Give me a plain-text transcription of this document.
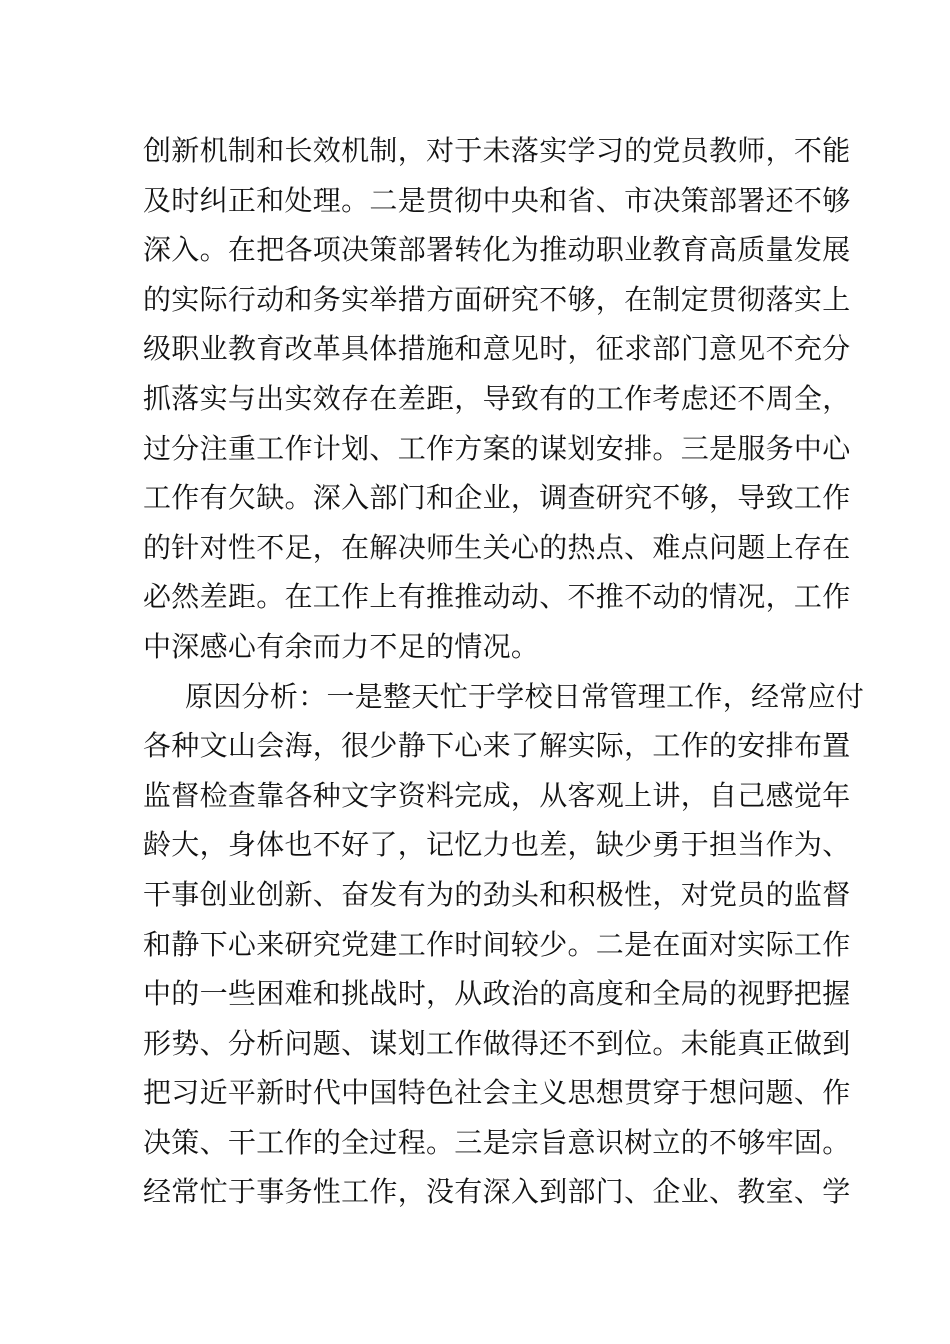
创新机制和长效机制，对于未落实学习的党员教师，不能
及时纠正和处理。二是贯彻中央和省、市决策部署还不够
深入。在把各项决策部署转化为推动职业教育高质量发展
的实际行动和务实举措方面研究不够，在制定贯彻落实上
级职业教育改革具体措施和意见时，征求部门意见不充分
抓落实与出实效存在差距，导致有的工作考虑还不周全，
过分注重工作计划、工作方案的谋划安排。三是服务中心
工作有欠缺。深入部门和企业，调查研究不够，导致工作
的针对性不足，在解决师生关心的热点、难点问题上存在
必然差距。在工作上有推推动动、不推不动的情况，工作
中深感心有余而力不足的情况。
原因分析：一是整天忙于学校日常管理工作，经常应付
各种文山会海，很少静下心来了解实际，工作的安排布置
监督检查靠各种文字资料完成，从客观上讲，自己感觉年
龄大，身体也不好了，记忆力也差，缺少勇于担当作为、
干事创业创新、奋发有为的劲头和积极性，对党员的监督
和静下心来研究党建工作时间较少。二是在面对实际工作
中的一些困难和挑战时，从政治的高度和全局的视野把握
形势、分析问题、谋划工作做得还不到位。未能真正做到
把习近平新时代中国特色社会主义思想贯穿于想问题、作
决策、干工作的全过程。三是宗旨意识树立的不够牢固。
经常忙于事务性工作，没有深入到部门、企业、教室、学
